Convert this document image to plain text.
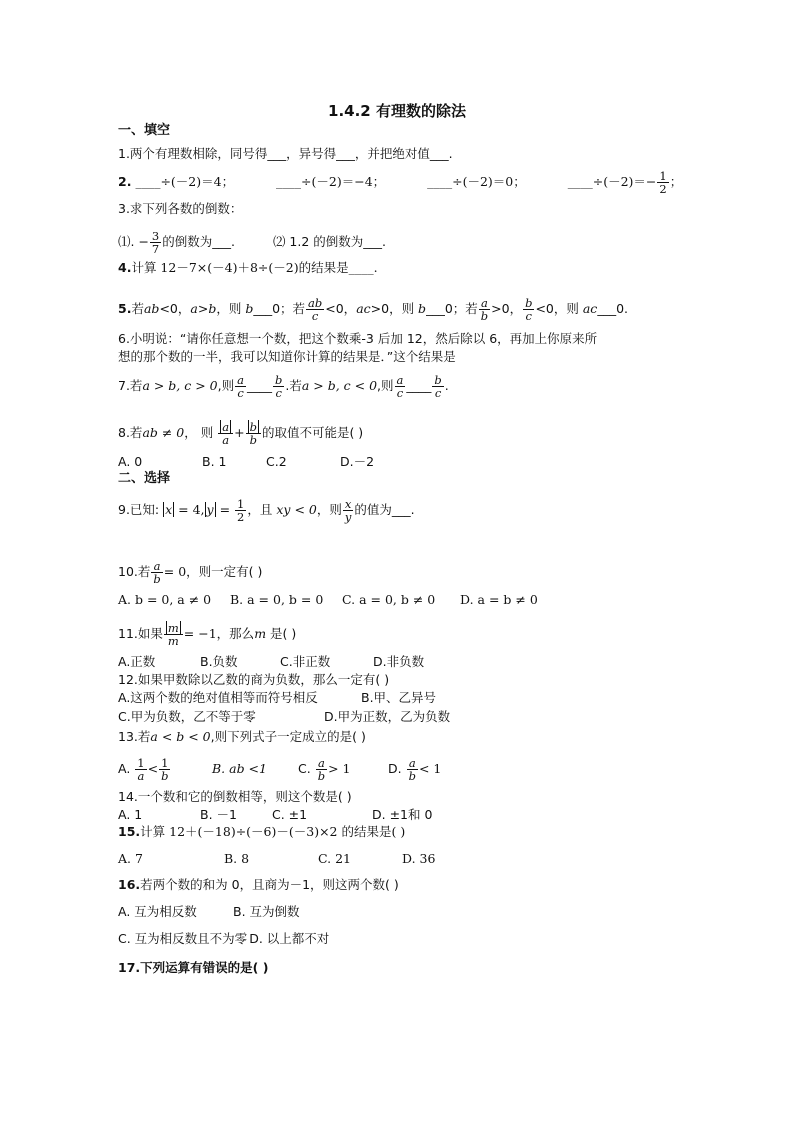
1.4.2 有理数的除法
一、填空
1.两个有理数相除，同号得___，异号得___，并把绝对值___.
2. ____÷(－2)＝4；	____÷(－2)＝−4；	____÷(－2)＝0；	____÷(－2)＝− $\frac{1}{2}$ ；
3.求下列各数的倒数：
⑴. − $\frac{3}{7}$ 的倒数为___.	⑵ 1.2 的倒数为___.
4.计算 12－7×(－4)＋8÷(－2)的结果是____.
5.若ab<0，a>b，则 b___0；若 $\frac{ab}{c} <0$，ac>0，则 b___0；若 $\frac{a}{b} >0$， $\frac{b}{c} <0$，则 ac___0.
6.小明说：“请你任意想一个数，把这个数乘-3 后加 12，然后除以 6，再加上你原来所
想的那个数的一半，我可以知道你计算的结果是．”这个结果是
7.若a > b, c > 0,则 $\frac{a}{c}$ ____ $\frac{b}{c}$ .若a > b, c < 0,则 $\frac{a}{c}$ ____ $\frac{b}{c}$ .
8.若ab ≠ 0， 则 $\frac{a}{a} + \frac{b}{b}$ 的取值不可能是( )
A. 0	B. 1	C.2	D.－2
二、选择
9.已知: x = 4, $y = \frac{1}{2}$ ，且 xy < 0，则 $\frac{x}{y}$ 的值为___.
10.若 $\frac{a}{b} = 0$，则一定有( )
A. b = 0, a ≠ 0 B. a = 0, b = 0 C. a = 0, b ≠ 0 D. a = b ≠ 0
11.如果 $\frac{m}{m} = -1$，那么m 是( )
A.正数	B.负数	C.非正数	D.非负数
12.如果甲数除以乙数的商为负数，那么一定有( )
A.这两个数的绝对值相等而符号相反	B.甲、乙异号
C.甲为负数，乙不等于零	D.甲为正数，乙为负数
13.若a < b < 0,则下列式子一定成立的是( )
A. $\frac{1}{a} < \frac{1}{b}$	B. ab <1 C. $\frac{a}{b} > 1$	D. $\frac{a}{b} < 1$
14.一个数和它的倒数相等，则这个数是( )
A. 1	B. －1	C. ±1	D. ±1和 0
15.计算 12＋(－18)÷(－6)－(－3)×2 的结果是( )
A. 7	B. 8	C. 21	D. 36
16.若两个数的和为 0，且商为－1，则这两个数( )
A. 互为相反数	B. 互为倒数
C. 互为相反数且不为零 D. 以上都不对
17.下列运算有错误的是( )
